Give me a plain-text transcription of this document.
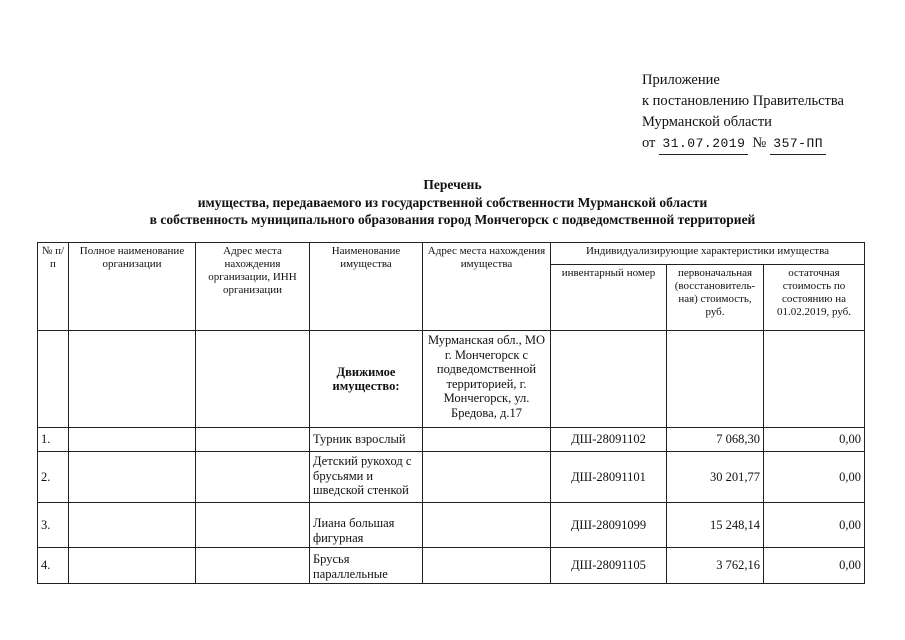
Приложение
к постановлению Правительства
Мурманской области
от 31.07.2019 № 357-ПП
Перечень
имущества, передаваемого из государственной собственности Мурманской области
в собственность муниципального образования город Мончегорск с подведомственной территорией
№ п/п	Полное наименование организации	Адрес места нахождения организации, ИНН организации	Наименование имущества	Адрес места нахождения имущества	Индивидуализирующие характеристики имущества		
					инвентарный номер	первоначальная (восстановитель-ная) стоимость, руб.	остаточная стоимость по состоянию на 01.02.2019, руб.
			Движимое имущество:	Мурманская обл., МО г. Мончегорск с подведомственной территорией, г. Мончегорск, ул. Бредова, д.17			
1.			Турник взрослый		ДШ-28091102	7 068,30	0,00
2.			Детский рукоход с брусьями и шведской стенкой		ДШ-28091101	30 201,77	0,00
3.			Лиана большая фигурная		ДШ-28091099	15 248,14	0,00
4.			Брусья параллельные		ДШ-28091105	3 762,16	0,00
